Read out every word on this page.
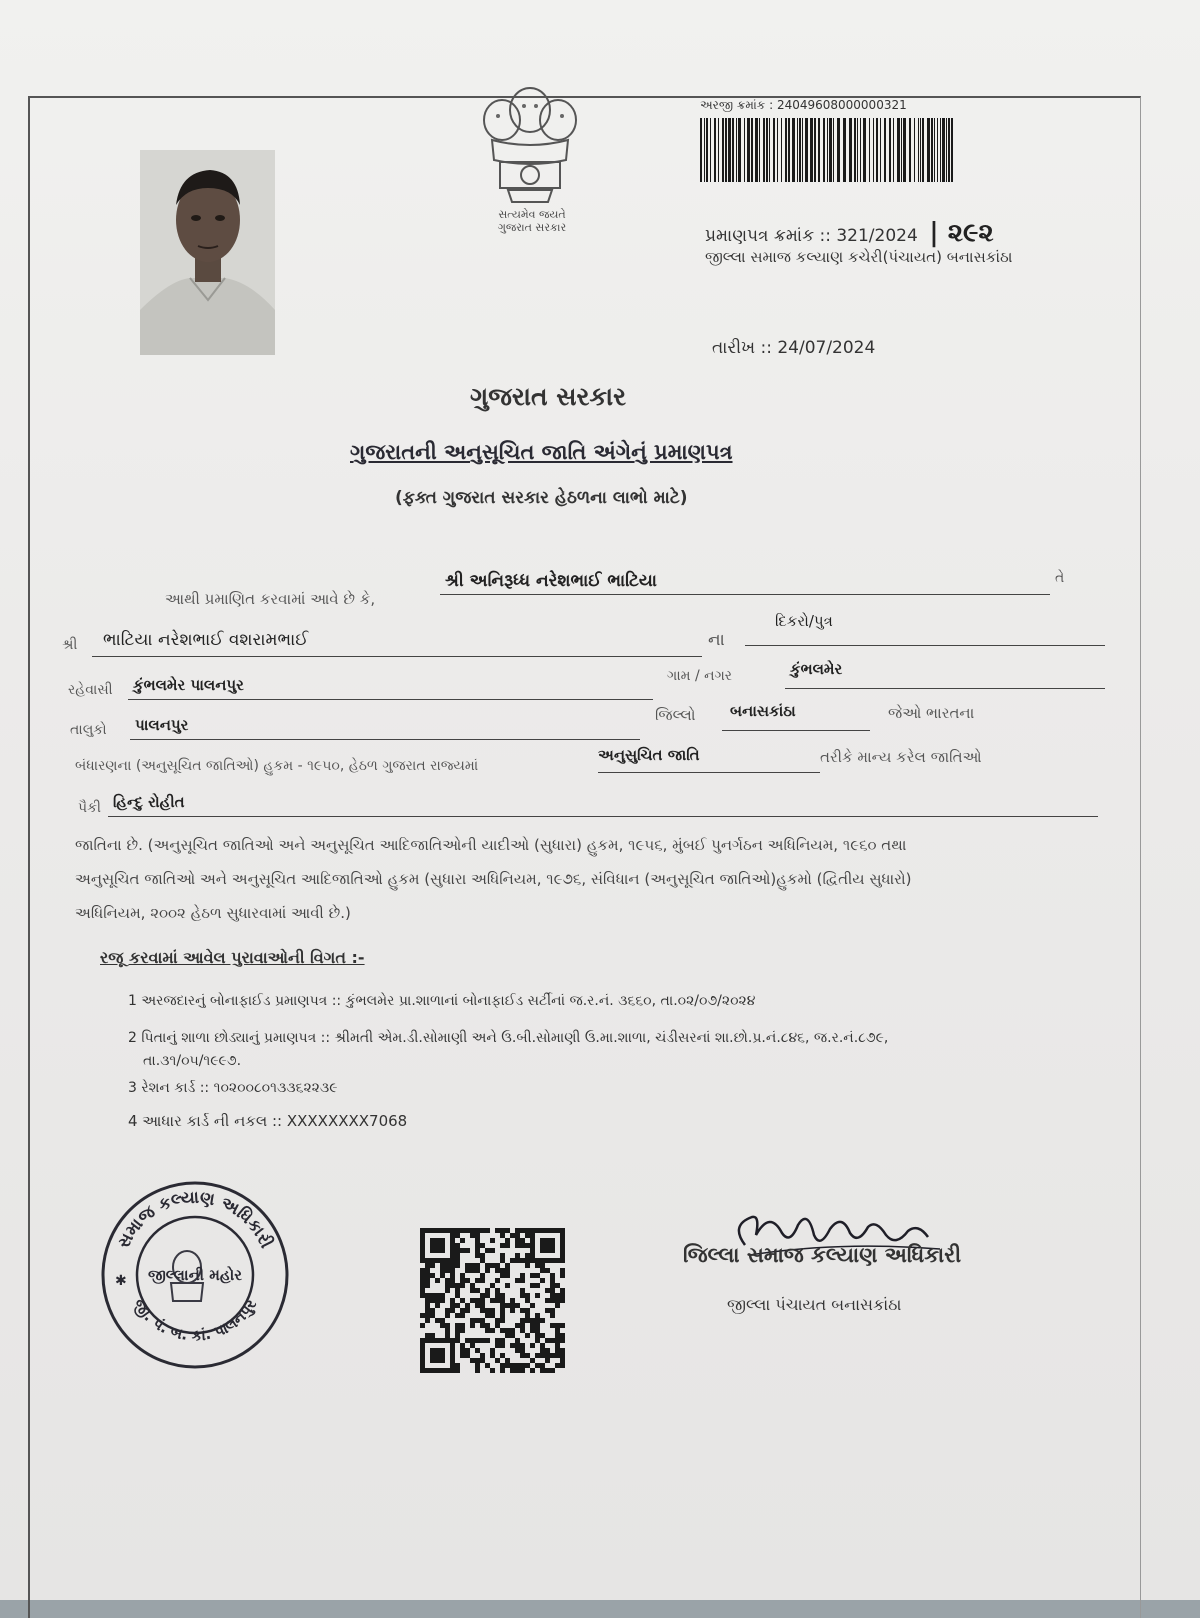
સત્યમેવ જયતે
ગુજરાત સરકાર
અરજી ક્રમાંક : 24049608000000321
પ્રમાણપત્ર ક્રમાંક :: 321/2024 | ૨૯૨
જીલ્લા સમાજ કલ્યાણ કચેરી(પંચાયત) બનાસકાંઠા
તારીખ :: 24/07/2024
ગુજરાત સરકાર
ગુજરાતની અનુસૂચિત જાતિ અંગેનું પ્રમાણપત્ર
(ફક્ત ગુજરાત સરકાર હેઠળના લાભો માટે)
આથી પ્રમાણિત કરવામાં આવે છે કે,
શ્રી અનિરૂધ્ધ નરેશભાઈ ભાટિયા	તે
શ્રી ભાટિયા નરેશભાઈ વશરામભાઈ	ના
દિકરો/પુત્ર
રહેવાસી કુંભલમેર પાલનપુર	ગામ / નગર	કુંભલમેર
તાલુકો પાલનપુર
જિલ્લો બનાસકાંઠા	જેઓ ભારતના
બંધારણના (અનુસૂચિત જાતિઓ) હુકમ - ૧૯૫૦, હેઠળ ગુજરાત રાજ્યમાં
અનુસુચિત જાતિ	તરીકે માન્ય કરેલ જાતિઓ
પૈકી હિન્દુ રોહીત
જાતિના છે. (અનુસૂચિત જાતિઓ અને અનુસૂચિત આદિજાતિઓની યાદીઓ (સુધારા) હુકમ, ૧૯૫૬, મુંબઈ પુનર્ગઠન અધિનિયમ, ૧૯૬૦ તથા
અનુસૂચિત જાતિઓ અને અનુસૂચિત આદિજાતિઓ હુકમ (સુધારા અધિનિયમ, ૧૯૭૬, સંવિધાન (અનુસૂચિત જાતિઓ)હુકમો (દ્વિતીય સુધારો)
અધિનિયમ, ૨૦૦૨ હેઠળ સુધારવામાં આવી છે.)
રજૂ કરવામાં આવેલ પુરાવાઓની વિગત :-
1 અરજદારનું બોનાફાઈડ પ્રમાણપત્ર :: કુંભલમેર પ્રા.શાળાનાં બોનાફાઈડ સર્ટીનાં જ.ર.નં. ૩૬૬૦, તા.૦૨/૦૭/૨૦૨૪
2 પિતાનું શાળા છોડ્યાનું પ્રમાણપત્ર :: શ્રીમતી એમ.ડી.સોમાણી અને ઉ.બી.સોમાણી ઉ.મા.શાળા, ચંડીસરનાં શા.છો.પ્ર.નં.૮૪૬, જ.ર.નં.૮૭૯,
તા.૩૧/૦૫/૧૯૯૭.
3 રેશન કાર્ડ :: ૧૦૨૦૦૮૦૧૩૩૬૨૨૩૯
4 આધાર કાર્ડ ની નકલ :: XXXXXXXX7068
સમાજ કલ્યાણ અધિકારી
જી. પં. બ. કાં. પાલનપુર
જીલ્લાની મહોર
✱
જિલ્લા સમાજ કલ્યાણ અધિકારી
જીલ્લા પંચાયત બનાસકાંઠા
